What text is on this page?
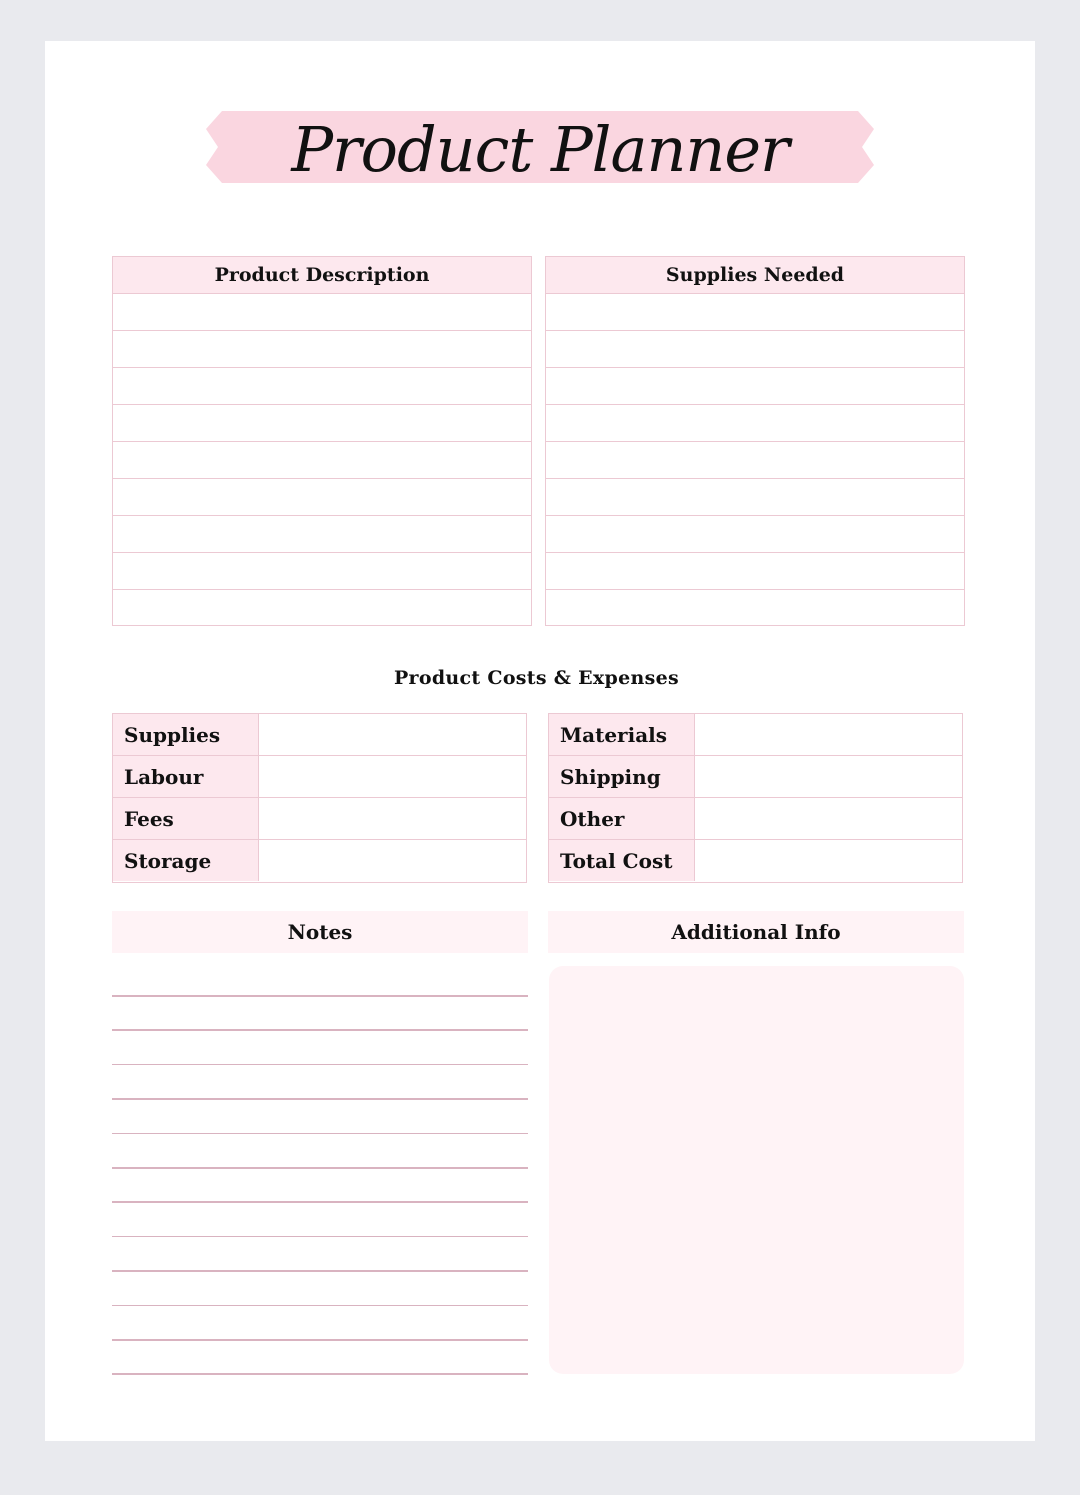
Product Planner
Product Description	Supplies Needed
Product Costs & Expenses
Supplies
Labour
Fees
Storage
Materials
Shipping
Other
Total Cost
Notes	Additional Info
